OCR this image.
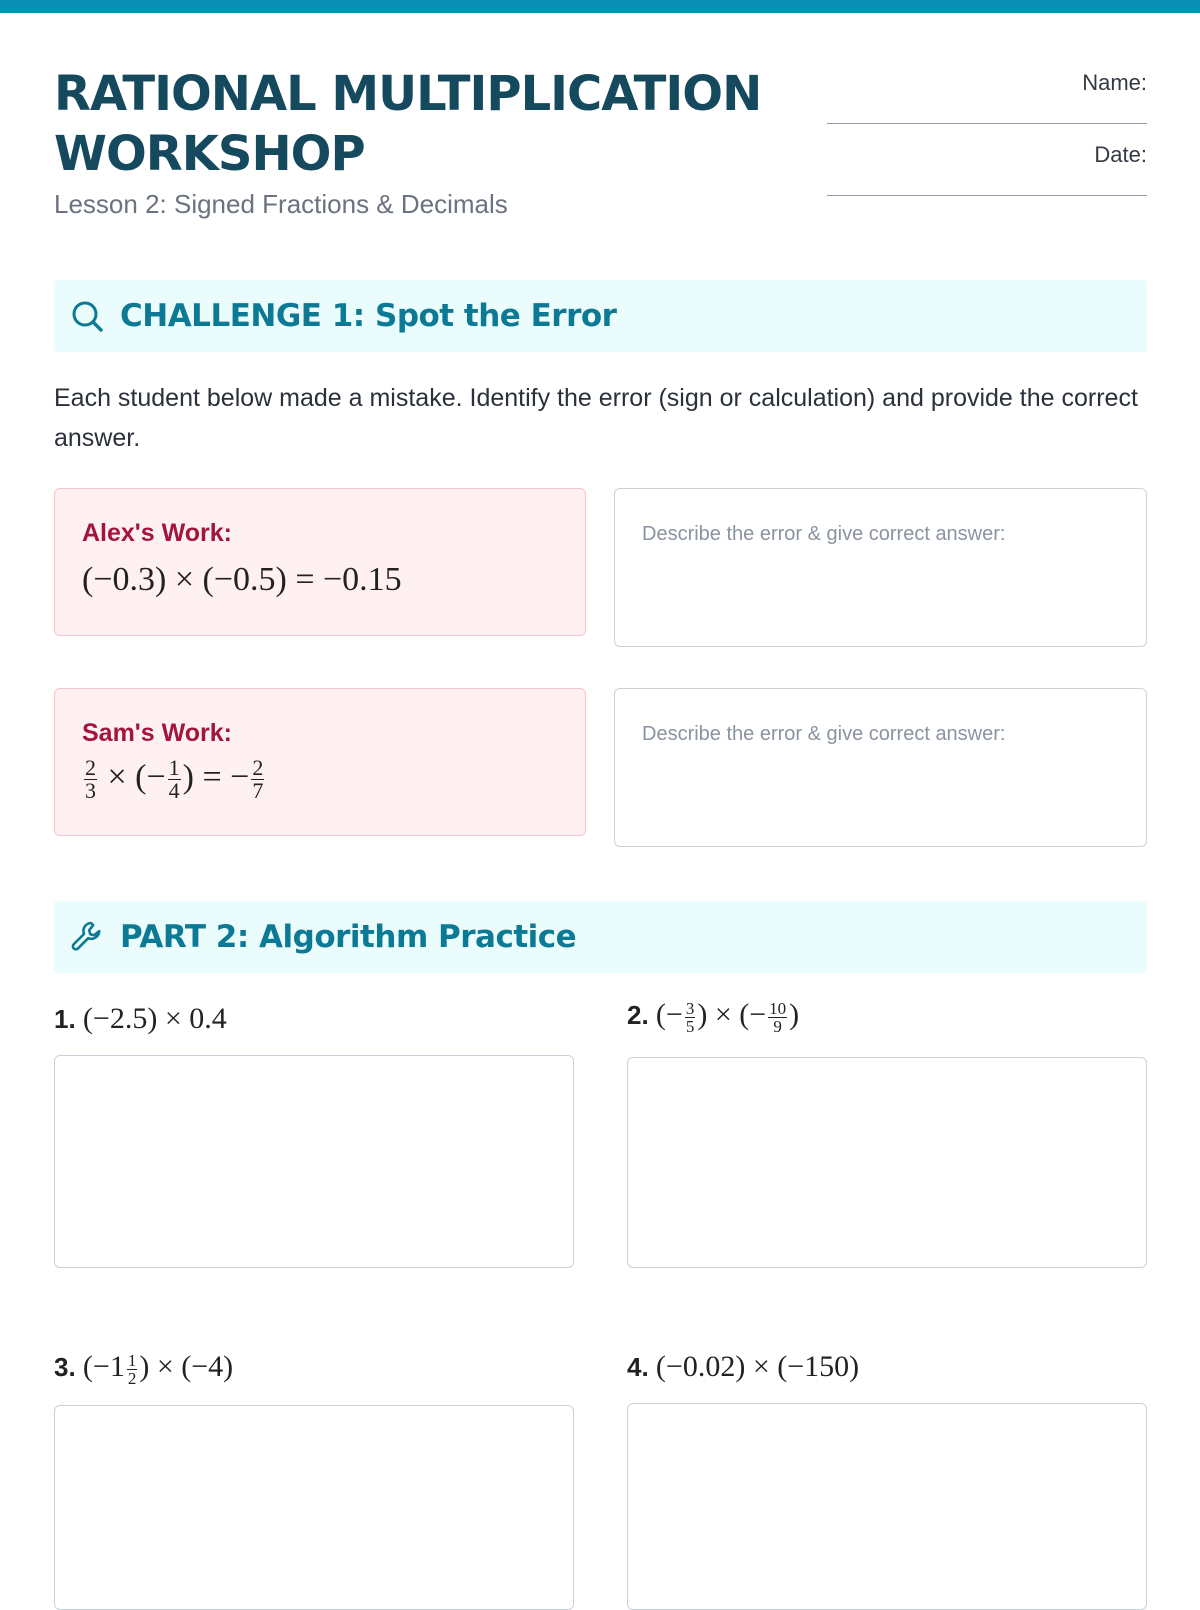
RATIONAL MULTIPLICATION WORKSHOP

Lesson 2: Signed Fractions & Decimals

Name:
Date:
CHALLENGE 1: Spot the Error

Each student below made a mistake. Identify the error (sign or calculation) and provide the correct answer.

Alex's Work:
(−0.3) × (−0.5) = −0.15
Describe the error & give correct answer:
Sam's Work:
$\frac{2}{3}$ × (− $\frac{1}{4}$ ) = − $\frac{2}{7}$
Describe the error & give correct answer:
PART 2: Algorithm Practice
1. (−2.5) × 0.4	2. (− $\frac{3}{5}$ ) × (− $\frac{10}{9}$ )
3. ($-1 \frac{1}{2}$ ) × (−4)	4. (−0.02) × (−150)
